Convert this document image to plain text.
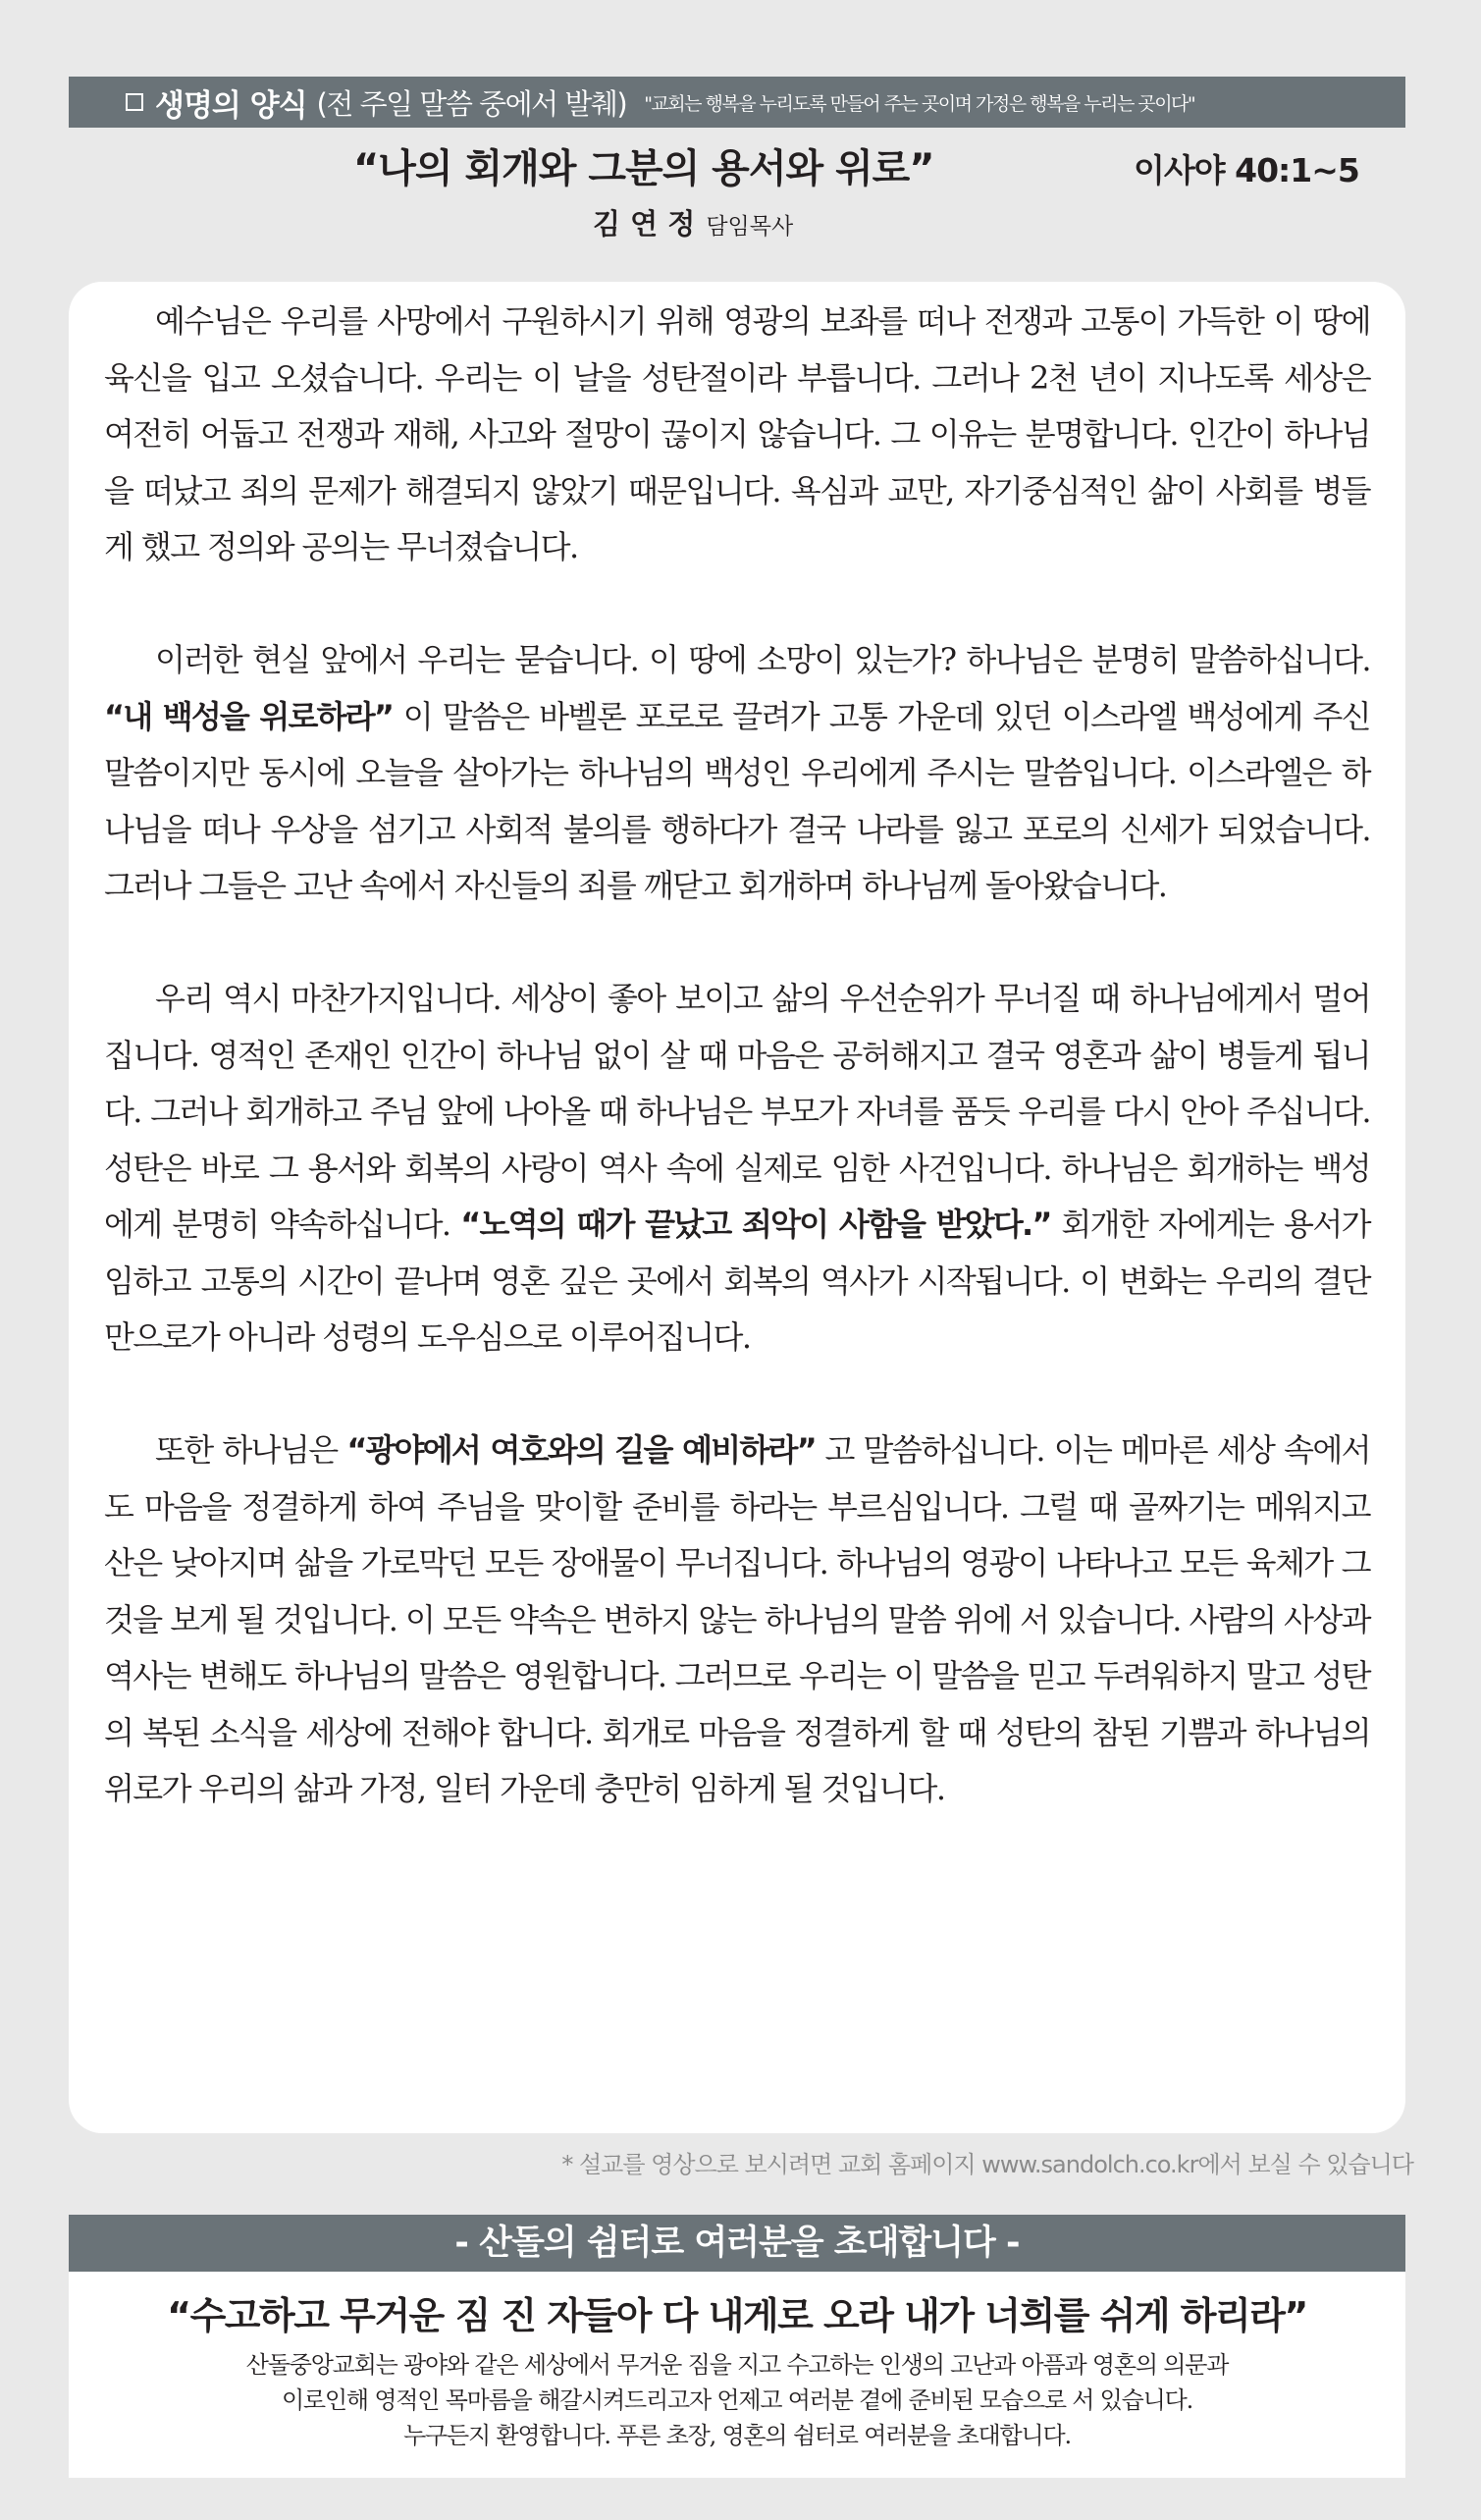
생명의 양식 (전 주일 말씀 중에서 발췌) "교회는 행복을 누리도록 만들어 주는 곳이며 가정은 행복을 누리는 곳이다"
“나의 회개와 그분의 용서와 위로”	이사야 40:1~5
김 연 정 담임목사

예수님은 우리를 사망에서 구원하시기 위해 영광의 보좌를 떠나 전쟁과 고통이 가득한 이 땅에 육신을 입고 오셨습니다. 우리는 이 날을 성탄절이라 부릅니다. 그러나 2천 년이 지나도록 세상은 여전히 어둡고 전쟁과 재해, 사고와 절망이 끊이지 않습니다. 그 이유는 분명합니다. 인간이 하나님을 떠났고 죄의 문제가 해결되지 않았기 때문입니다. 욕심과 교만, 자기중심적인 삶이 사회를 병들게 했고 정의와 공의는 무너졌습니다.

이러한 현실 앞에서 우리는 묻습니다. 이 땅에 소망이 있는가? 하나님은 분명히 말씀하십니다. “내 백성을 위로하라” 이 말씀은 바벨론 포로로 끌려가 고통 가운데 있던 이스라엘 백성에게 주신 말씀이지만 동시에 오늘을 살아가는 하나님의 백성인 우리에게 주시는 말씀입니다. 이스라엘은 하나님을 떠나 우상을 섬기고 사회적 불의를 행하다가 결국 나라를 잃고 포로의 신세가 되었습니다. 그러나 그들은 고난 속에서 자신들의 죄를 깨닫고 회개하며 하나님께 돌아왔습니다.

우리 역시 마찬가지입니다. 세상이 좋아 보이고 삶의 우선순위가 무너질 때 하나님에게서 멀어집니다. 영적인 존재인 인간이 하나님 없이 살 때 마음은 공허해지고 결국 영혼과 삶이 병들게 됩니다. 그러나 회개하고 주님 앞에 나아올 때 하나님은 부모가 자녀를 품듯 우리를 다시 안아 주십니다. 성탄은 바로 그 용서와 회복의 사랑이 역사 속에 실제로 임한 사건입니다. 하나님은 회개하는 백성에게 분명히 약속하십니다. “노역의 때가 끝났고 죄악이 사함을 받았다.” 회개한 자에게는 용서가 임하고 고통의 시간이 끝나며 영혼 깊은 곳에서 회복의 역사가 시작됩니다. 이 변화는 우리의 결단만으로가 아니라 성령의 도우심으로 이루어집니다.

또한 하나님은 “광야에서 여호와의 길을 예비하라” 고 말씀하십니다. 이는 메마른 세상 속에서도 마음을 정결하게 하여 주님을 맞이할 준비를 하라는 부르심입니다. 그럴 때 골짜기는 메워지고 산은 낮아지며 삶을 가로막던 모든 장애물이 무너집니다. 하나님의 영광이 나타나고 모든 육체가 그것을 보게 될 것입니다. 이 모든 약속은 변하지 않는 하나님의 말씀 위에 서 있습니다. 사람의 사상과 역사는 변해도 하나님의 말씀은 영원합니다. 그러므로 우리는 이 말씀을 믿고 두려워하지 말고 성탄의 복된 소식을 세상에 전해야 합니다. 회개로 마음을 정결하게 할 때 성탄의 참된 기쁨과 하나님의 위로가 우리의 삶과 가정, 일터 가운데 충만히 임하게 될 것입니다.

* 설교를 영상으로 보시려면 교회 홈페이지 www.sandolch.co.kr에서 보실 수 있습니다
- 산돌의 쉼터로 여러분을 초대합니다 -
“수고하고 무거운 짐 진 자들아 다 내게로 오라 내가 너희를 쉬게 하리라”
산돌중앙교회는 광야와 같은 세상에서 무거운 짐을 지고 수고하는 인생의 고난과 아픔과 영혼의 의문과
이로인해 영적인 목마름을 해갈시켜드리고자 언제고 여러분 곁에 준비된 모습으로 서 있습니다.
누구든지 환영합니다. 푸른 초장, 영혼의 쉼터로 여러분을 초대합니다.
